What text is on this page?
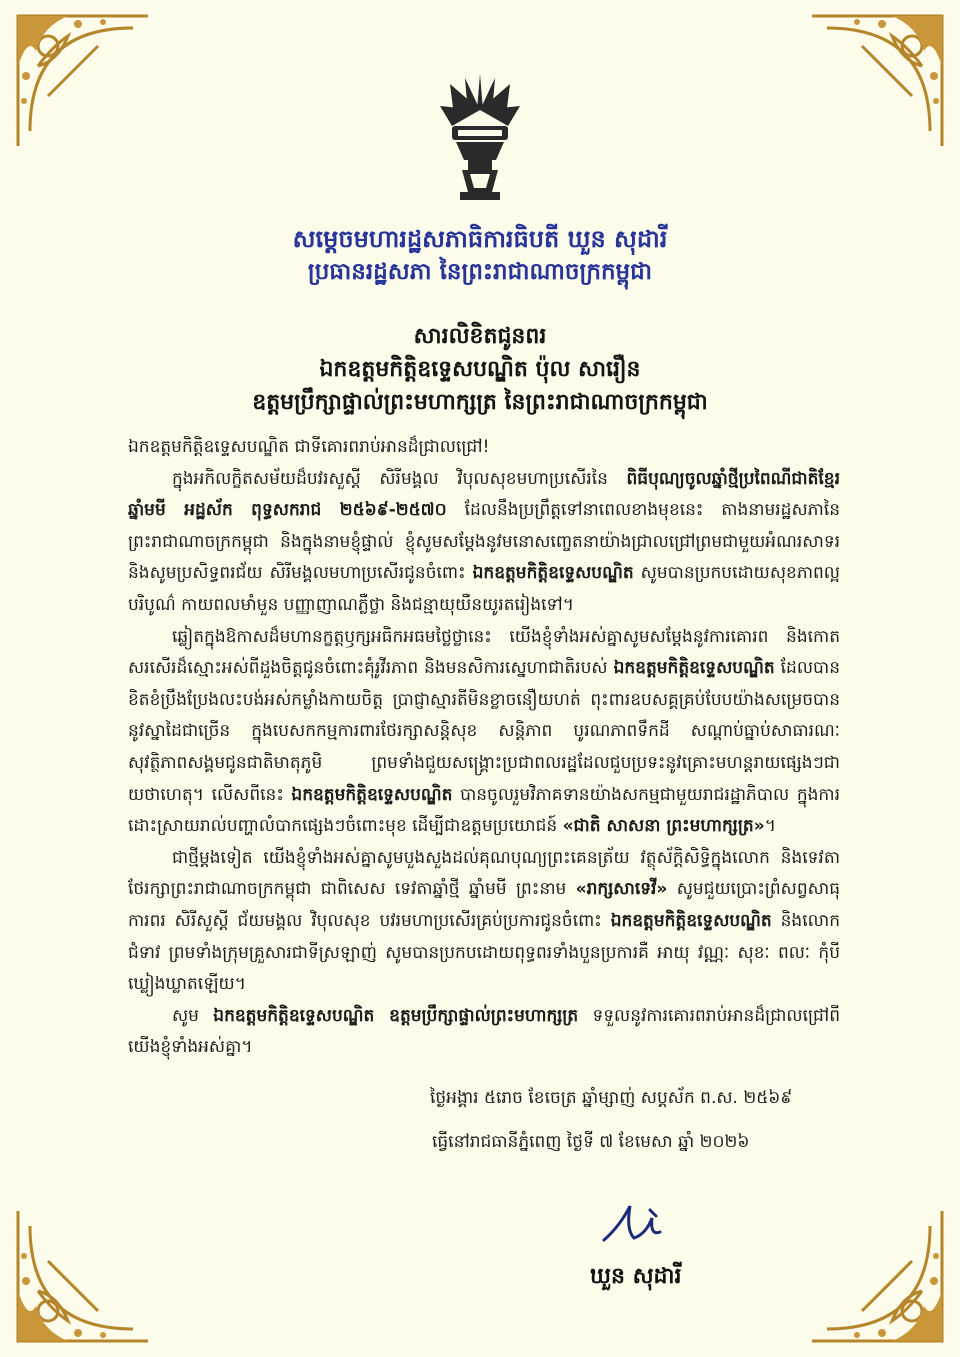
សម្តេចមហារដ្ឋសភាធិការធិបតី ឃួន សុដារី
ប្រធានរដ្ឋសភា នៃព្រះរាជាណាចក្រកម្ពុជា
សារលិខិតជូនពរ
ឯកឧត្តមកិត្តិឧទ្ទេសបណ្ឌិត ប៉ុល សារឿន
ឧត្តមប្រឹក្សាផ្ទាល់ព្រះមហាក្សត្រ នៃព្រះរាជាណាចក្រកម្ពុជា

ឯកឧត្តមកិត្តិឧទ្ទេសបណ្ឌិត ជាទីគោរពរាប់អានដ៏ជ្រាលជ្រៅ!

ក្នុងអកិលក្ខិតសម័យដ៏បវរសួស្តី សិរីមង្គល វិបុលសុខមហាប្រសើរនៃ ពិធីបុណ្យចូលឆ្នាំថ្មីប្រពៃណីជាតិខ្មែរ ឆ្នាំមមី អដ្ឋស័ក ពុទ្ធសករាជ ២៥៦៩-២៥៧០ ដែលនឹងប្រព្រឹត្តទៅនាពេលខាងមុខនេះ តាងនាមរដ្ឋសភានៃព្រះរាជាណាចក្រកម្ពុជា និងក្នុងនាមខ្ញុំផ្ទាល់ ខ្ញុំសូមសម្តែងនូវមនោសញ្ចេតនាយ៉ាងជ្រាលជ្រៅព្រមជាមួយអំណរសាទរ និងសូមប្រសិទ្ធពរជ័យ សិរីមង្គលមហាប្រសើរជូនចំពោះ ឯកឧត្តមកិត្តិឧទ្ទេសបណ្ឌិត សូមបានប្រកបដោយសុខភាពល្អបរិបូណ៌ កាយពលមាំមួន បញ្ញាញាណភ្លឺថ្លា និងជន្មាយុយឺនយូរតរៀងទៅ។

ឆ្លៀតក្នុងឱកាសដ៏មហានក្ខត្តឫក្សអធិកអធមថ្លៃថ្លានេះ យើងខ្ញុំទាំងអស់គ្នាសូមសម្តែងនូវការគោរព និងកោតសរសើរដ៏ស្មោះអស់ពីដួងចិត្តជូនចំពោះគុំរូវីរភាព និងមនសិការស្នេហាជាតិរបស់ ឯកឧត្តមកិត្តិឧទ្ទេសបណ្ឌិត ដែលបានខិតខំប្រឹងប្រែងលះបង់អស់កម្លាំងកាយចិត្ត ប្រាជ្ញាស្មារតីមិនខ្លាចនឿយហត់ ពុះពារឧបសគ្គគ្រប់បែបយ៉ាងសម្រេចបាននូវស្នាដៃជាច្រើន ក្នុងបេសកកម្មការពារថែរក្សាសន្តិសុខ សន្តិភាព បូរណភាពទឹកដី សណ្តាប់ធ្នាប់សាធារណៈ សុវត្ថិភាពសង្គមជូនជាតិមាតុភូមិ ព្រមទាំងជួយសង្គ្រោះប្រជាពលរដ្ឋដែលជួបប្រទះនូវគ្រោះមហន្តរាយផ្សេងៗជាយថាហេតុ។ លើសពីនេះ ឯកឧត្តមកិត្តិឧទ្ទេសបណ្ឌិត បានចូលរួមវិភាគទានយ៉ាងសកម្មជាមួយរាជរដ្ឋាភិបាល ក្នុងការដោះស្រាយរាល់បញ្ហាលំបាកផ្សេងៗចំពោះមុខ ដើម្បីជាឧត្តមប្រយោជន៍ «ជាតិ សាសនា ព្រះមហាក្សត្រ»។

ជាថ្មីម្តងទៀត យើងខ្ញុំទាំងអស់គ្នាសូមបួងសួងដល់គុណបុណ្យព្រះគេនត្រ័យ វត្ថុស័ក្តិសិទ្ធិក្នុងលោក និងទេវតាថែរក្សាព្រះរាជាណាចក្រកម្ពុជា ជាពិសេស ទេវតាឆ្នាំថ្មី ឆ្នាំមមី ព្រះនាម «រាក្សសាទេវី» សូមជួយប្រោះព្រំសព្វសាធុការពរ សិរីសួស្តី ជ័យមង្គល វិបុលសុខ បវរមហាប្រសើរគ្រប់ប្រការជូនចំពោះ ឯកឧត្តមកិត្តិឧទ្ទេសបណ្ឌិត និងលោកជំទាវ ព្រមទាំងក្រុមគ្រួសារជាទីស្រឡាញ់ សូមបានប្រកបដោយពុទ្ធពរទាំងបួនប្រការគឺ អាយុ វណ្ណៈ សុខៈ ពលៈ កុំបីឃ្លៀងឃ្លាតឡើយ។

សូម ឯកឧត្តមកិត្តិឧទ្ទេសបណ្ឌិត ឧត្តមប្រឹក្សាផ្ទាល់ព្រះមហាក្សត្រ ទទួលនូវការគោរពរាប់អានដ៏ជ្រាលជ្រៅពីយើងខ្ញុំទាំងអស់គ្នា។

ថ្ងៃអង្គារ ៥រោច ខែចេត្រ ឆ្នាំម្សាញ់ សប្តស័ក ព.ស. ២៥៦៩
ធ្វើនៅរាជធានីភ្នំពេញ ថ្ងៃទី ៧ ខែមេសា ឆ្នាំ ២០២៦
ឃួន សុដារី
